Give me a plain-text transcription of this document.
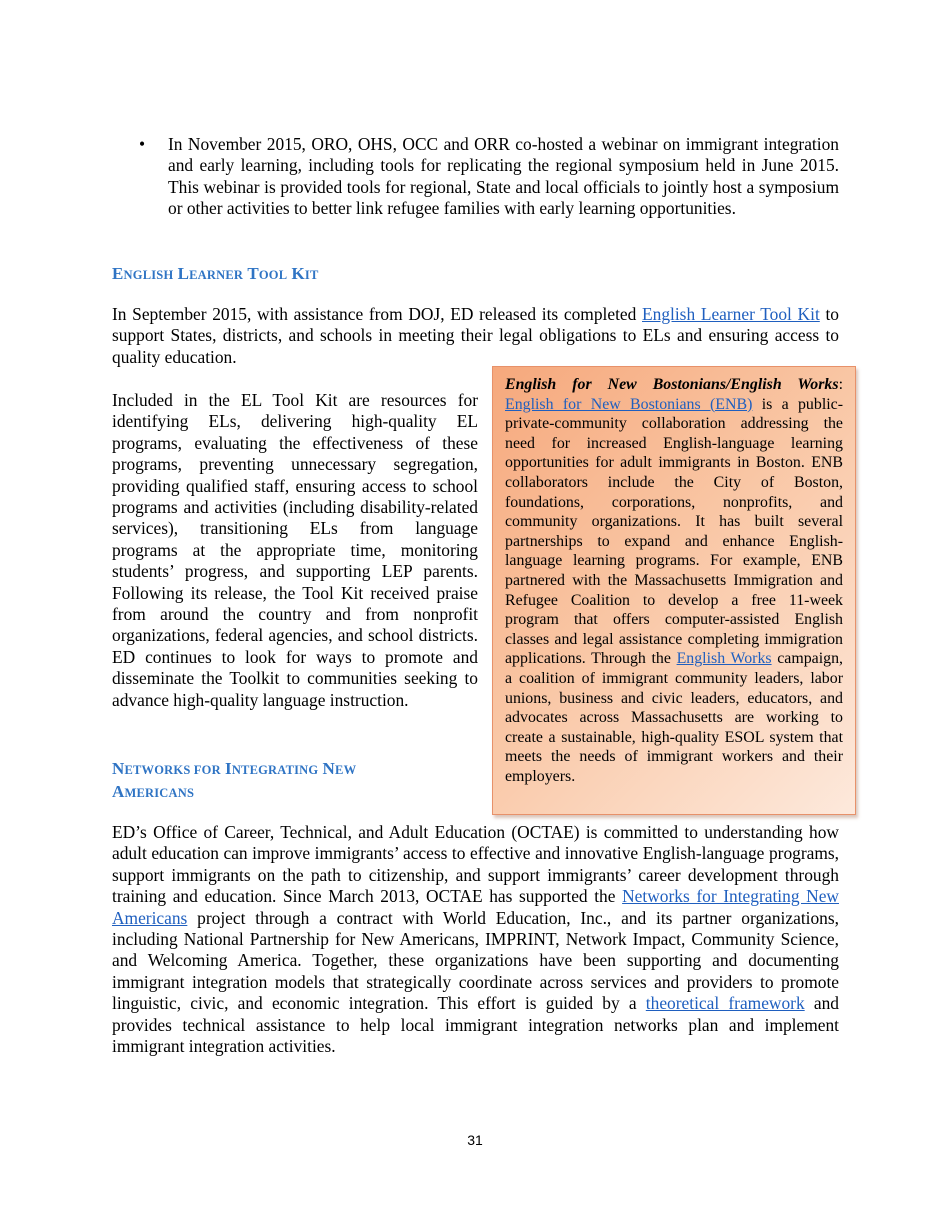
• In November 2015, ORO, OHS, OCC and ORR co-hosted a webinar on immigrant integration and early learning, including tools for replicating the regional symposium held in June 2015. This webinar is provided tools for regional, State and local officials to jointly host a symposium or other activities to better link refugee families with early learning opportunities.

ENGLISH LEARNER TOOL KIT

In September 2015, with assistance from DOJ, ED released its completed English Learner Tool Kit to support States, districts, and schools in meeting their legal obligations to ELs and ensuring access to quality education.

Included in the EL Tool Kit are resources for identifying ELs, delivering high-quality EL programs, evaluating the effectiveness of these programs, preventing unnecessary segregation, providing qualified staff, ensuring access to school programs and activities (including disability-related services), transitioning ELs from language programs at the appropriate time, monitoring students’ progress, and supporting LEP parents. Following its release, the Tool Kit received praise from around the country and from nonprofit organizations, federal agencies, and school districts. ED continues to look for ways to promote and disseminate the Toolkit to communities seeking to advance high-quality language instruction.

English for New Bostonians/English Works: English for New Bostonians (ENB) is a public-private-community collaboration addressing the need for increased English-language learning opportunities for adult immigrants in Boston. ENB collaborators include the City of Boston, foundations, corporations, nonprofits, and community organizations. It has built several partnerships to expand and enhance English-language learning programs. For example, ENB partnered with the Massachusetts Immigration and Refugee Coalition to develop a free 11-week program that offers computer-assisted English classes and legal assistance completing immigration applications. Through the English Works campaign, a coalition of immigrant community leaders, labor unions, business and civic leaders, educators, and advocates across Massachusetts are working to create a sustainable, high-quality ESOL system that meets the needs of immigrant workers and their employers.

NETWORKS FOR INTEGRATING NEW
AMERICANS

ED’s Office of Career, Technical, and Adult Education (OCTAE) is committed to understanding how adult education can improve immigrants’ access to effective and innovative English-language programs, support immigrants on the path to citizenship, and support immigrants’ career development through training and education. Since March 2013, OCTAE has supported the Networks for Integrating New Americans project through a contract with World Education, Inc., and its partner organizations, including National Partnership for New Americans, IMPRINT, Network Impact, Community Science, and Welcoming America. Together, these organizations have been supporting and documenting immigrant integration models that strategically coordinate across services and providers to promote linguistic, civic, and economic integration. This effort is guided by a theoretical framework and provides technical assistance to help local immigrant integration networks plan and implement immigrant integration activities.

31
